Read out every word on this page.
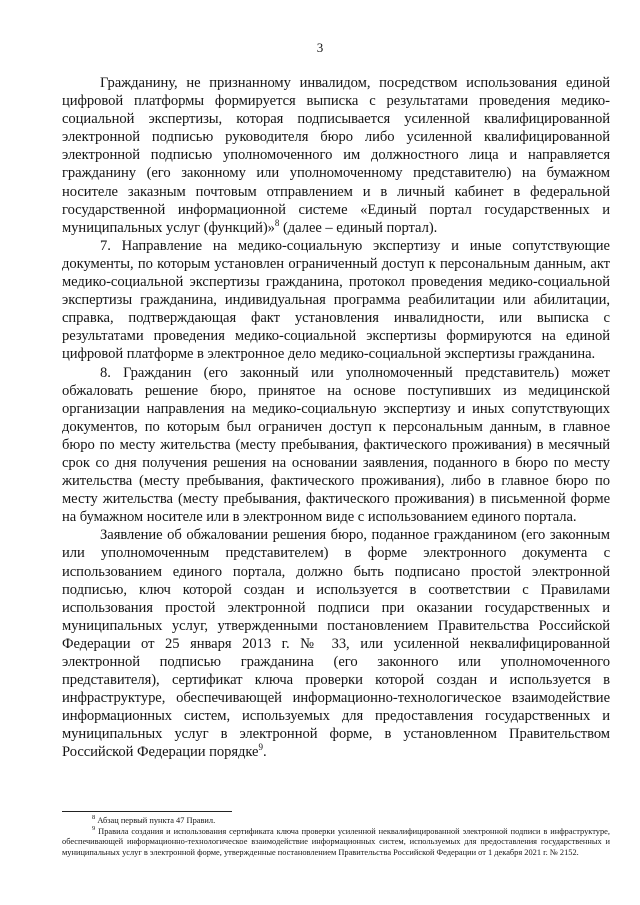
3

Гражданину, не признанному инвалидом, посредством использования единой цифровой платформы формируется выписка с результатами проведения медико-социальной экспертизы, которая подписывается усиленной квалифицированной электронной подписью руководителя бюро либо усиленной квалифицированной электронной подписью уполномоченного им должностного лица и направляется гражданину (его законному или уполномоченному представителю) на бумажном носителе заказным почтовым отправлением и в личный кабинет в федеральной государственной информационной системе «Единый портал государственных и муниципальных услуг (функций)»$^8$ (далее – единый портал).

7. Направление на медико-социальную экспертизу и иные сопутствующие документы, по которым установлен ограниченный доступ к персональным данным, акт медико-социальной экспертизы гражданина, протокол проведения медико-социальной экспертизы гражданина, индивидуальная программа реабилитации или абилитации, справка, подтверждающая факт установления инвалидности, или выписка с результатами проведения медико-социальной экспертизы формируются на единой цифровой платформе в электронное дело медико-социальной экспертизы гражданина.

8. Гражданин (его законный или уполномоченный представитель) может обжаловать решение бюро, принятое на основе поступивших из медицинской организации направления на медико-социальную экспертизу и иных сопутствующих документов, по которым был ограничен доступ к персональным данным, в главное бюро по месту жительства (месту пребывания, фактического проживания) в месячный срок со дня получения решения на основании заявления, поданного в бюро по месту жительства (месту пребывания, фактического проживания), либо в главное бюро по месту жительства (месту пребывания, фактического проживания) в письменной форме на бумажном носителе или в электронном виде с использованием единого портала.

Заявление об обжаловании решения бюро, поданное гражданином (его законным или уполномоченным представителем) в форме электронного документа с использованием единого портала, должно быть подписано простой электронной подписью, ключ которой создан и используется в соответствии с Правилами использования простой электронной подписи при оказании государственных и муниципальных услуг, утвержденными постановлением Правительства Российской Федерации от 25 января 2013 г. № 33, или усиленной неквалифицированной электронной подписью гражданина (его законного или уполномоченного представителя), сертификат ключа проверки которой создан и используется в инфраструктуре, обеспечивающей информационно-технологическое взаимодействие информационных систем, используемых для предоставления государственных и муниципальных услуг в электронной форме, в установленном Правительством Российской Федерации порядке$^9$.

$^8$ Абзац первый пункта 47 Правил.

$^9$ Правила создания и использования сертификата ключа проверки усиленной неквалифицированной электронной подписи в инфраструктуре, обеспечивающей информационно-технологическое взаимодействие информационных систем, используемых для предоставления государственных и муниципальных услуг в электронной форме, утвержденные постановлением Правительства Российской Федерации от 1 декабря 2021 г. № 2152.
